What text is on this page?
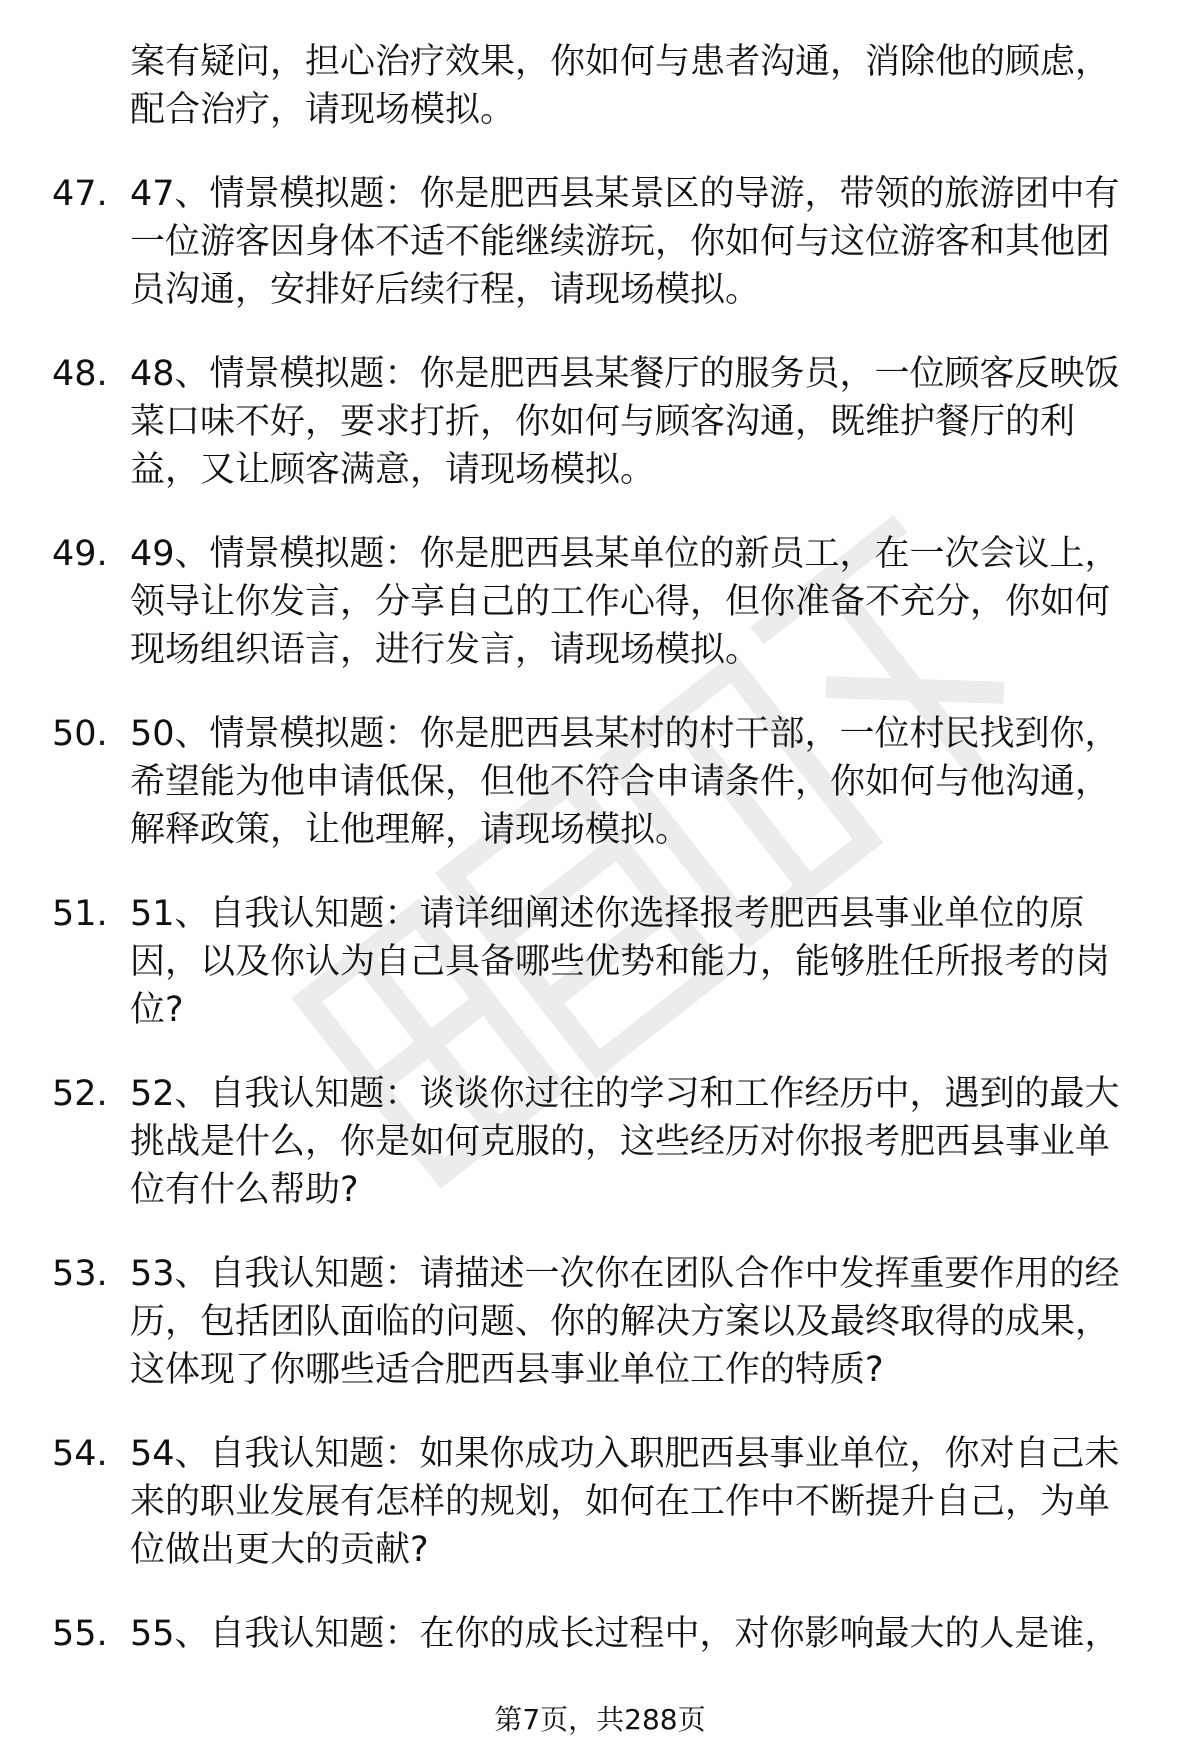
案有疑问，担心治疗效果，你如何与患者沟通，消除他的顾虑，配合治疗，请现场模拟。
47. 47、情景模拟题：你是肥西县某景区的导游，带领的旅游团中有一位游客因身体不适不能继续游玩，你如何与这位游客和其他团员沟通，安排好后续行程，请现场模拟。
48. 48、情景模拟题：你是肥西县某餐厅的服务员，一位顾客反映饭菜口味不好，要求打折，你如何与顾客沟通，既维护餐厅的利益，又让顾客满意，请现场模拟。
49. 49、情景模拟题：你是肥西县某单位的新员工，在一次会议上，领导让你发言，分享自己的工作心得，但你准备不充分，你如何现场组织语言，进行发言，请现场模拟。
50. 50、情景模拟题：你是肥西县某村的村干部，一位村民找到你，希望能为他申请低保，但他不符合申请条件，你如何与他沟通，解释政策，让他理解，请现场模拟。
51. 51、自我认知题：请详细阐述你选择报考肥西县事业单位的原因，以及你认为自己具备哪些优势和能力，能够胜任所报考的岗位?
52. 52、自我认知题：谈谈你过往的学习和工作经历中，遇到的最大挑战是什么，你是如何克服的，这些经历对你报考肥西县事业单位有什么帮助?
53. 53、自我认知题：请描述一次你在团队合作中发挥重要作用的经历，包括团队面临的问题、你的解决方案以及最终取得的成果，这体现了你哪些适合肥西县事业单位工作的特质?
54. 54、自我认知题：如果你成功入职肥西县事业单位，你对自己未来的职业发展有怎样的规划，如何在工作中不断提升自己，为单位做出更大的贡献?
55. 55、自我认知题：在你的成长过程中，对你影响最大的人是谁，
第7页，共288页
